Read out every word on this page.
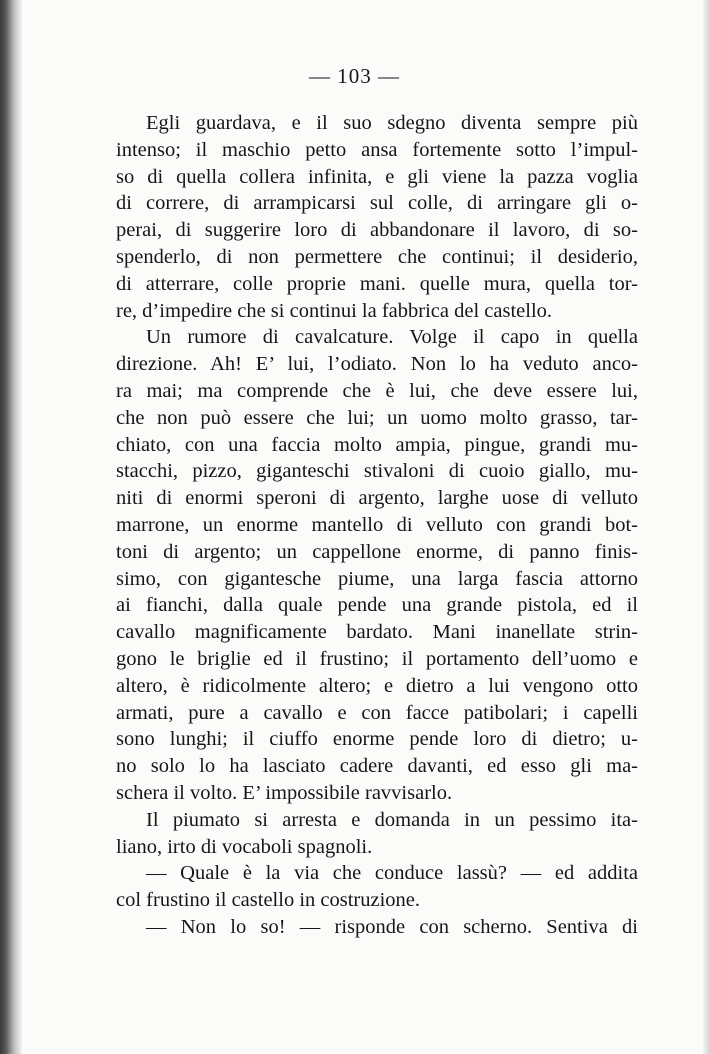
— 103 —
Egli guardava, e il suo sdegno diventa sempre più
intenso; il maschio petto ansa fortemente sotto l’impul-
so di quella collera infinita, e gli viene la pazza voglia
di correre, di arrampicarsi sul colle, di arringare gli o-
perai, di suggerire loro di abbandonare il lavoro, di so-
spenderlo, di non permettere che continui; il desiderio,
di atterrare, colle proprie mani. quelle mura, quella tor-
re, d’impedire che si continui la fabbrica del castello.
Un rumore di cavalcature. Volge il capo in quella
direzione. Ah! E’ lui, l’odiato. Non lo ha veduto anco-
ra mai; ma comprende che è lui, che deve essere lui,
che non può essere che lui; un uomo molto grasso, tar-
chiato, con una faccia molto ampia, pingue, grandi mu-
stacchi, pizzo, giganteschi stivaloni di cuoio giallo, mu-
niti di enormi speroni di argento, larghe uose di velluto
marrone, un enorme mantello di velluto con grandi bot-
toni di argento; un cappellone enorme, di panno finis-
simo, con gigantesche piume, una larga fascia attorno
ai fianchi, dalla quale pende una grande pistola, ed il
cavallo magnificamente bardato. Mani inanellate strin-
gono le briglie ed il frustino; il portamento dell’uomo e
altero, è ridicolmente altero; e dietro a lui vengono otto
armati, pure a cavallo e con facce patibolari; i capelli
sono lunghi; il ciuffo enorme pende loro di dietro; u-
no solo lo ha lasciato cadere davanti, ed esso gli ma-
schera il volto. E’ impossibile ravvisarlo.
Il piumato si arresta e domanda in un pessimo ita-
liano, irto di vocaboli spagnoli.
— Quale è la via che conduce lassù? — ed addita
col frustino il castello in costruzione.
— Non lo so! — risponde con scherno. Sentiva di
